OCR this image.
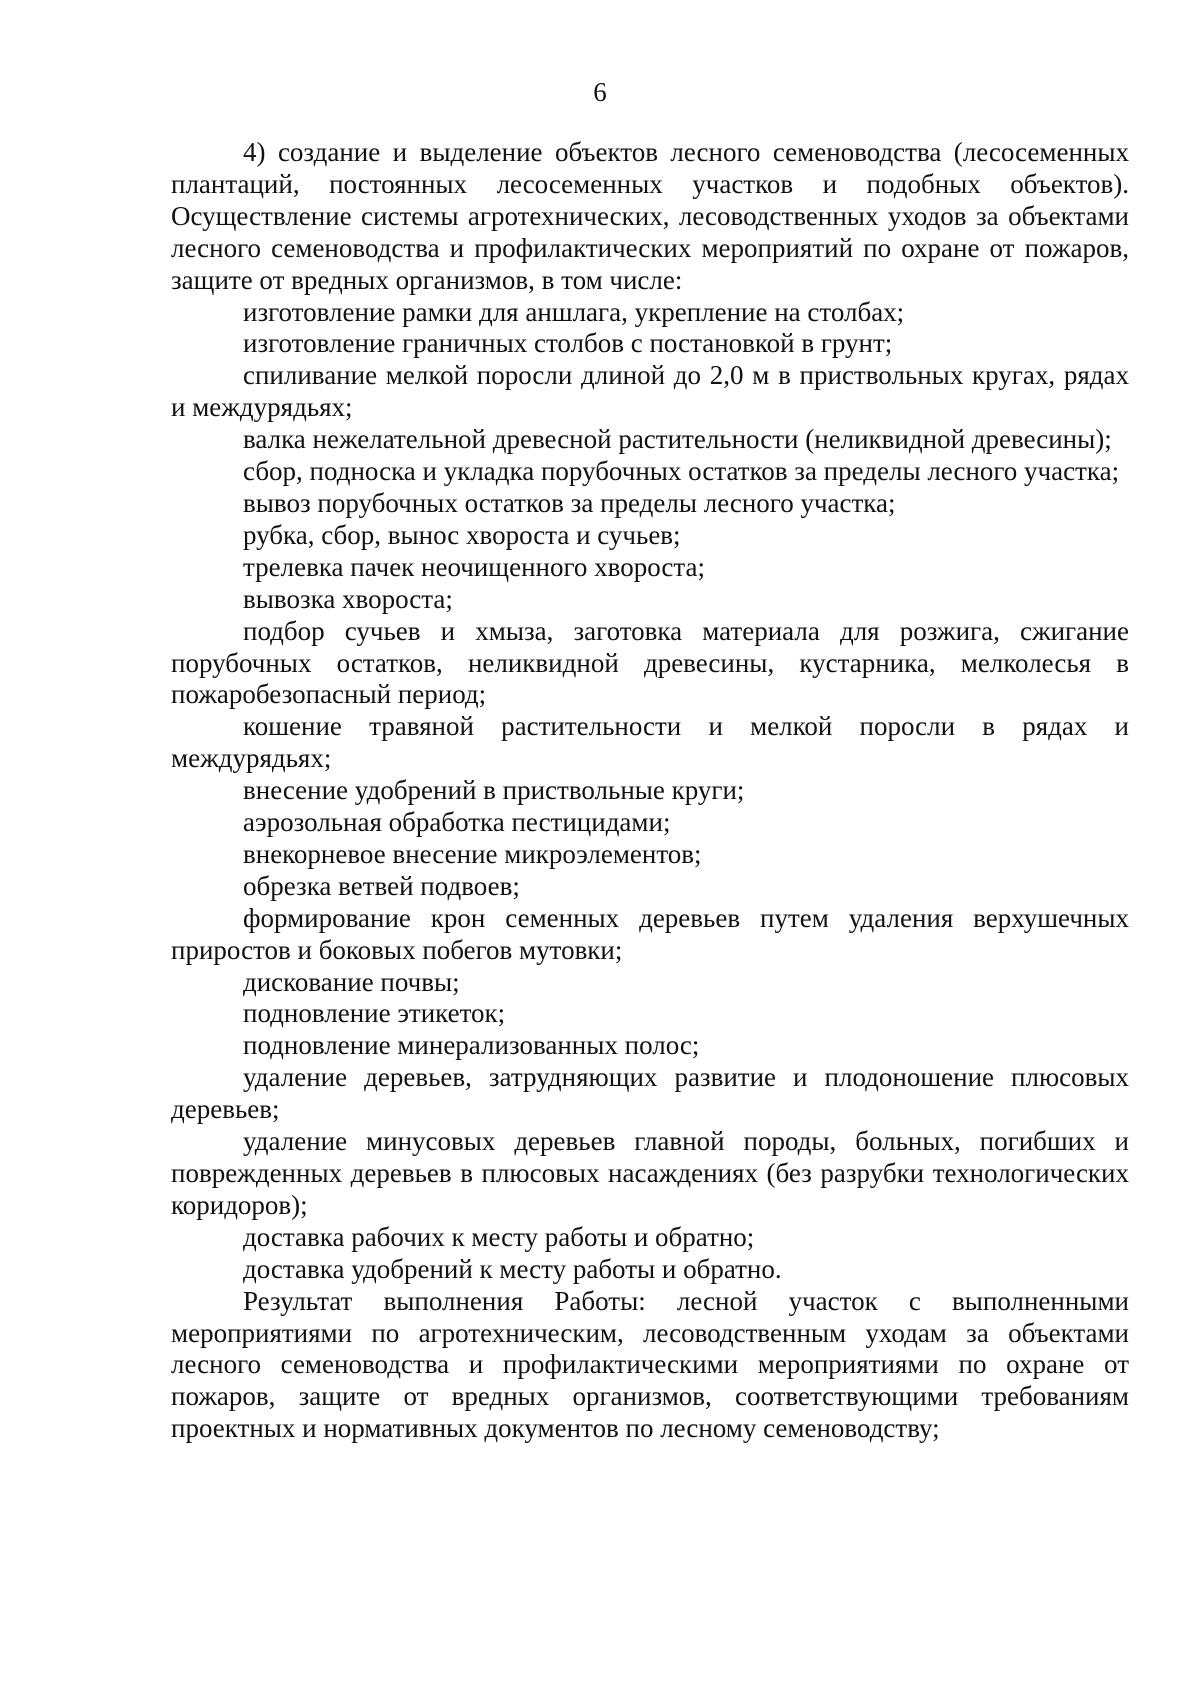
6

4) создание и выделение объектов лесного семеноводства (лесосеменных плантаций, постоянных лесосеменных участков и подобных объектов). Осуществление системы агротехнических, лесоводственных уходов за объектами лесного семеноводства и профилактических мероприятий по охране от пожаров, защите от вредных организмов, в том числе:

изготовление рамки для аншлага, укрепление на столбах;

изготовление граничных столбов с постановкой в грунт;

спиливание мелкой поросли длиной до 2,0 м в приствольных кругах, рядах и междурядьях;

валка нежелательной древесной растительности (неликвидной древесины);

сбор, подноска и укладка порубочных остатков за пределы лесного участка;

вывоз порубочных остатков за пределы лесного участка;

рубка, сбор, вынос хвороста и сучьев;

трелевка пачек неочищенного хвороста;

вывозка хвороста;

подбор сучьев и хмыза, заготовка материала для розжига, сжигание порубочных остатков, неликвидной древесины, кустарника, мелколесья в пожаробезопасный период;

кошение травяной растительности и мелкой поросли в рядах и междурядьях;

внесение удобрений в приствольные круги;

аэрозольная обработка пестицидами;

внекорневое внесение микроэлементов;

обрезка ветвей подвоев;

формирование крон семенных деревьев путем удаления верхушечных приростов и боковых побегов мутовки;

дискование почвы;

подновление этикеток;

подновление минерализованных полос;

удаление деревьев, затрудняющих развитие и плодоношение плюсовых деревьев;

удаление минусовых деревьев главной породы, больных, погибших и поврежденных деревьев в плюсовых насаждениях (без разрубки технологических коридоров);

доставка рабочих к месту работы и обратно;

доставка удобрений к месту работы и обратно.

Результат выполнения Работы: лесной участок с выполненными мероприятиями по агротехническим, лесоводственным уходам за объектами лесного семеноводства и профилактическими мероприятиями по охране от пожаров, защите от вредных организмов, соответствующими требованиям проектных и нормативных документов по лесному семеноводству;
